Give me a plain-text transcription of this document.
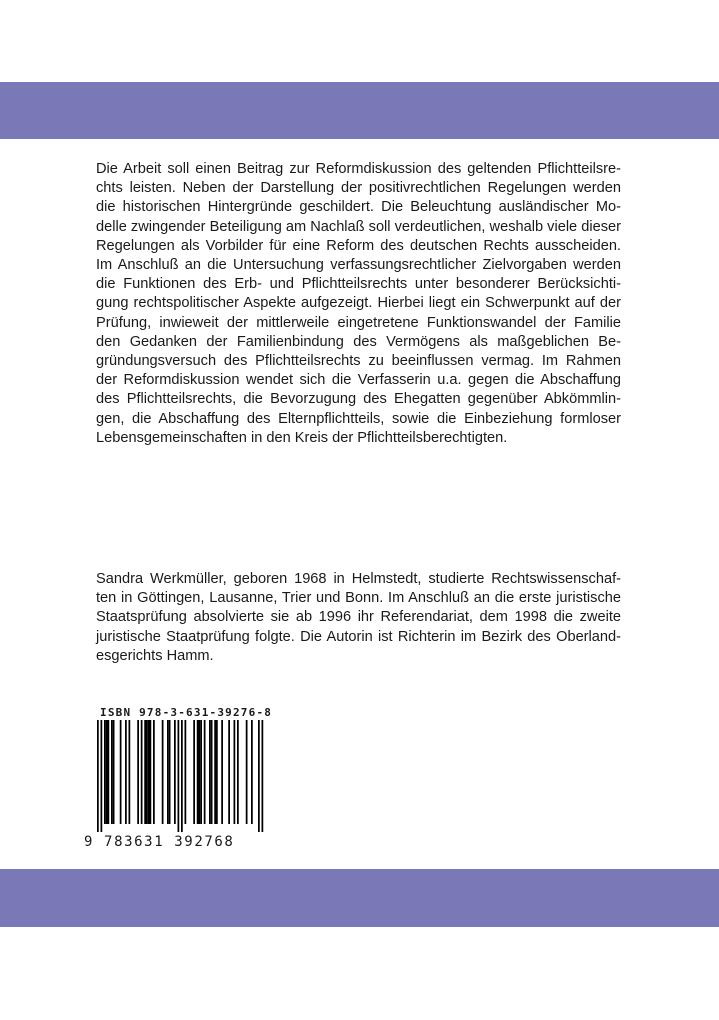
Die Arbeit soll einen Beitrag zur Reformdiskussion des geltenden Pflichtteilsre-
chts leisten. Neben der Darstellung der positivrechtlichen Regelungen werden
die historischen Hintergründe geschildert. Die Beleuchtung ausländischer Mo-
delle zwingender Beteiligung am Nachlaß soll verdeutlichen, weshalb viele dieser
Regelungen als Vorbilder für eine Reform des deutschen Rechts ausscheiden.
Im Anschluß an die Untersuchung verfassungsrechtlicher Zielvorgaben werden
die Funktionen des Erb- und Pflichtteilsrechts unter besonderer Berücksichti-
gung rechtspolitischer Aspekte aufgezeigt. Hierbei liegt ein Schwerpunkt auf der
Prüfung, inwieweit der mittlerweile eingetretene Funktionswandel der Familie
den Gedanken der Familienbindung des Vermögens als maßgeblichen Be-
gründungsversuch des Pflichtteilsrechts zu beeinflussen vermag. Im Rahmen
der Reformdiskussion wendet sich die Verfasserin u.a. gegen die Abschaffung
des Pflichtteilsrechts, die Bevorzugung des Ehegatten gegenüber Abkömmlin-
gen, die Abschaffung des Elternpflichtteils, sowie die Einbeziehung formloser
Lebensgemeinschaften in den Kreis der Pflichtteilsberechtigten.
Sandra Werkmüller, geboren 1968 in Helmstedt, studierte Rechtswissenschaf-
ten in Göttingen, Lausanne, Trier und Bonn. Im Anschluß an die erste juristische
Staatsprüfung absolvierte sie ab 1996 ihr Referendariat, dem 1998 die zweite
juristische Staatprüfung folgte. Die Autorin ist Richterin im Bezirk des Oberland-
esgerichts Hamm.
ISBN 978-3-631-39276-8
9 783631 392768
